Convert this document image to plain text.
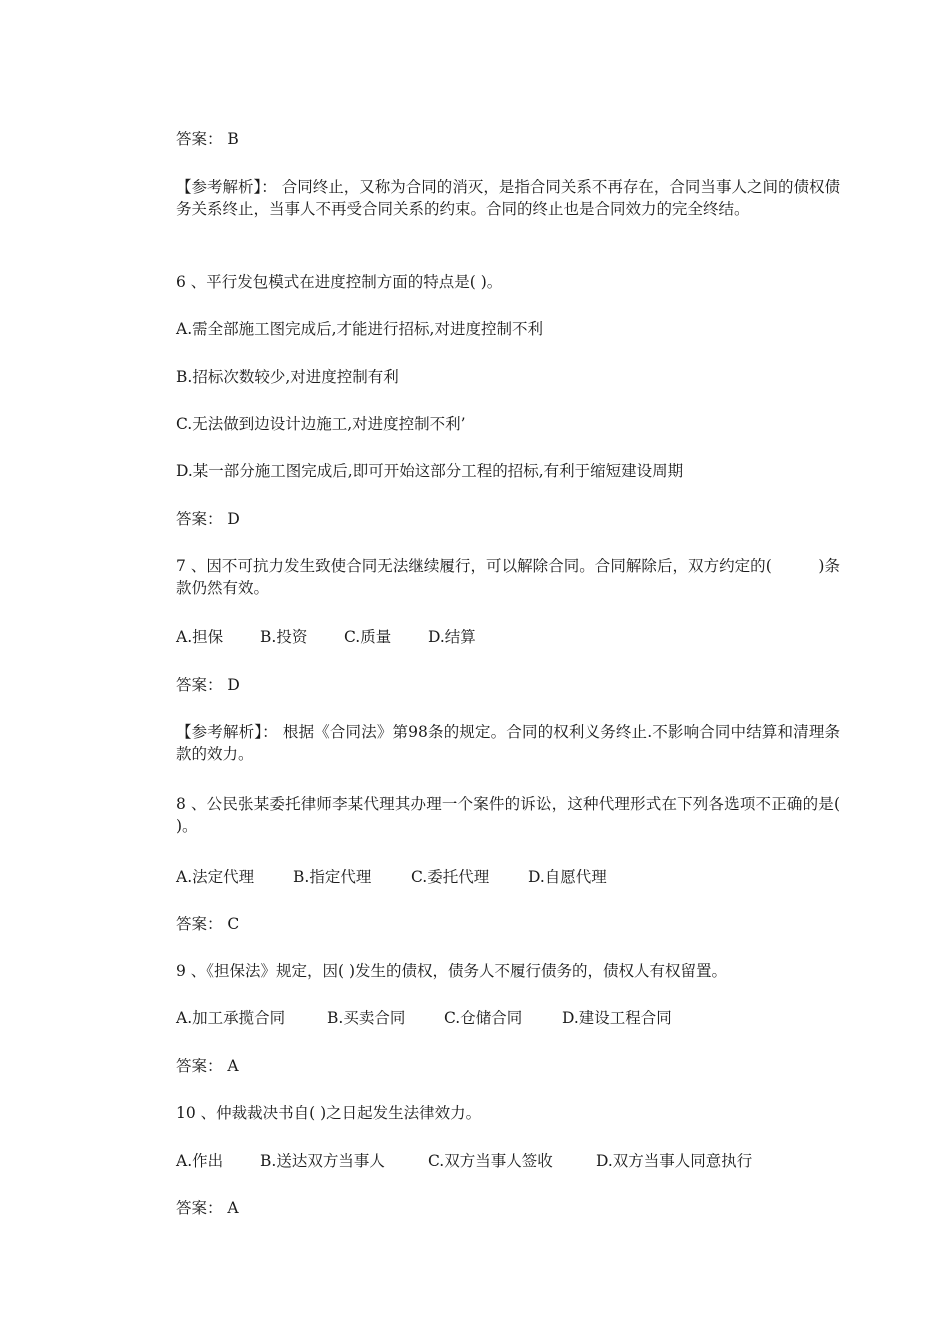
答案： B
【参考解析】： 合同终止，又称为合同的消灭，是指合同关系不再存在，合同当事人之间的债权债务关系终止，当事人不再受合同关系的约束。合同的终止也是合同效力的完全终结。
6 、平行发包模式在进度控制方面的特点是( )。
A.需全部施工图完成后,才能进行招标,对进度控制不利
B.招标次数较少,对进度控制有利
C.无法做到边设计边施工,对进度控制不利’
D.某一部分施工图完成后,即可开始这部分工程的招标,有利于缩短建设周期
答案： D
7 、因不可抗力发生致使合同无法继续履行，可以解除合同。合同解除后，双方约定的(　　　)条款仍然有效。
A.担保 B.投资 C.质量 D.结算
答案： D
【参考解析】： 根据《合同法》第98条的规定。合同的权利义务终止.不影响合同中结算和清理条款的效力。
8 、公民张某委托律师李某代理其办理一个案件的诉讼，这种代理形式在下列各选项不正确的是( )。
A.法定代理	B.指定代理	C.委托代理	D.自愿代理
答案： C
9 、《担保法》规定，因( )发生的债权，债务人不履行债务的，债权人有权留置。
A.加工承揽合同	B.买卖合同 C.仓储合同	D.建设工程合同
答案： A
10 、仲裁裁决书自( )之日起发生法律效力。
A.作出 B.送达双方当事人	C.双方当事人签收	D.双方当事人同意执行
答案： A
